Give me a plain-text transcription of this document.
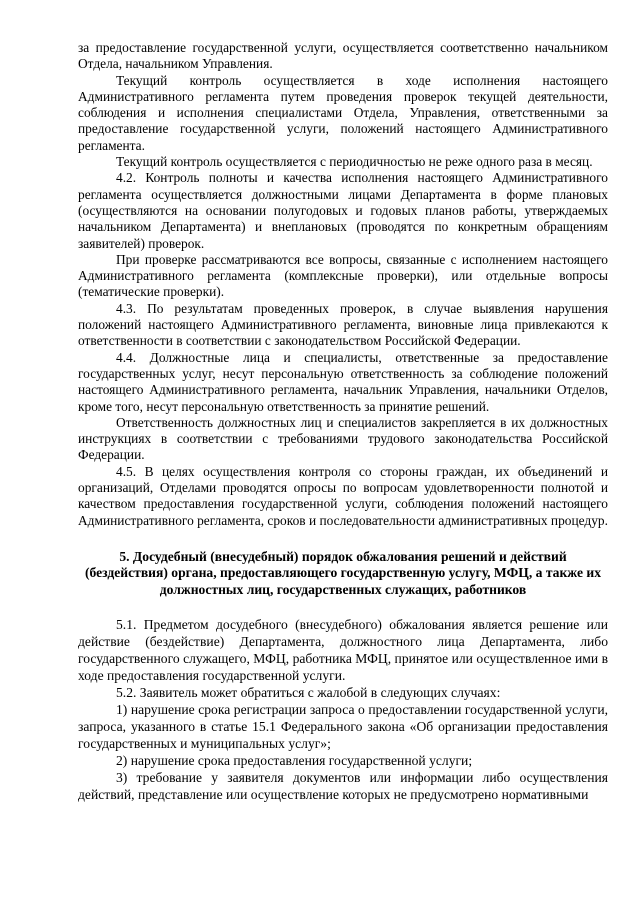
за предоставление государственной услуги, осуществляется соответственно начальником Отдела, начальником Управления.

Текущий контроль осуществляется в ходе исполнения настоящего Административного регламента путем проведения проверок текущей деятельности, соблюдения и исполнения специалистами Отдела, Управления, ответственными за предоставление государственной услуги, положений настоящего Административного регламента.

Текущий контроль осуществляется с периодичностью не реже одного раза в месяц.

4.2. Контроль полноты и качества исполнения настоящего Административного регламента осуществляется должностными лицами Департамента в форме плановых (осуществляются на основании полугодовых и годовых планов работы, утверждаемых начальником Департамента) и внеплановых (проводятся по конкретным обращениям заявителей) проверок.

При проверке рассматриваются все вопросы, связанные с исполнением настоящего Административного регламента (комплексные проверки), или отдельные вопросы (тематические проверки).

4.3. По результатам проведенных проверок, в случае выявления нарушения положений настоящего Административного регламента, виновные лица привлекаются к ответственности в соответствии с законодательством Российской Федерации.

4.4. Должностные лица и специалисты, ответственные за предоставление государственных услуг, несут персональную ответственность за соблюдение положений настоящего Административного регламента, начальник Управления, начальники Отделов, кроме того, несут персональную ответственность за принятие решений.

Ответственность должностных лиц и специалистов закрепляется в их должностных инструкциях в соответствии с требованиями трудового законодательства Российской Федерации.

4.5. В целях осуществления контроля со стороны граждан, их объединений и организаций, Отделами проводятся опросы по вопросам удовлетворенности полнотой и качеством предоставления государственной услуги, соблюдения положений настоящего Административного регламента, сроков и последовательности административных процедур.

5. Досудебный (внесудебный) порядок обжалования решений и действий (бездействия) органа, предоставляющего государственную услугу, МФЦ, а также их должностных лиц, государственных служащих, работников

5.1. Предметом досудебного (внесудебного) обжалования является решение или действие (бездействие) Департамента, должностного лица Департамента, либо государственного служащего, МФЦ, работника МФЦ, принятое или осуществленное ими в ходе предоставления государственной услуги.

5.2. Заявитель может обратиться с жалобой в следующих случаях:

1) нарушение срока регистрации запроса о предоставлении государственной услуги, запроса, указанного в статье 15.1 Федерального закона «Об организации предоставления государственных и муниципальных услуг»;

2) нарушение срока предоставления государственной услуги;

3) требование у заявителя документов или информации либо осуществления действий, представление или осуществление которых не предусмотрено нормативными
